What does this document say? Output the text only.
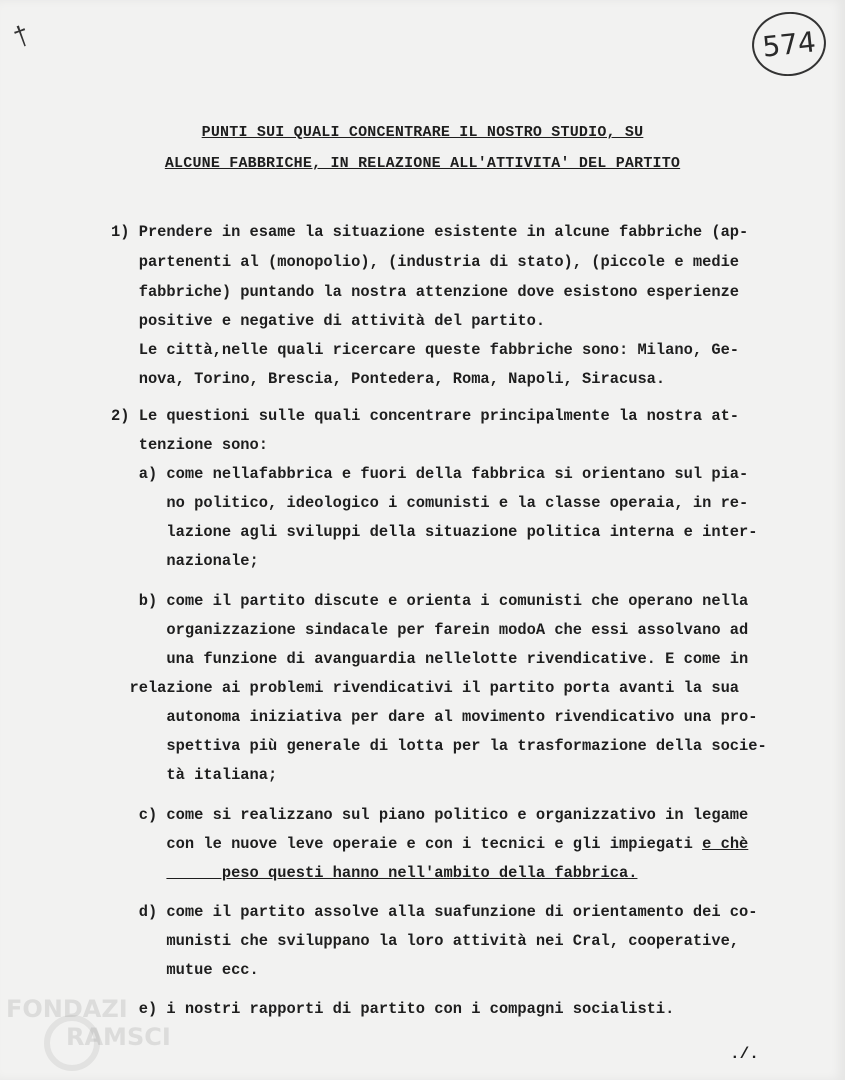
†	574
PUNTI SUI QUALI CONCENTRARE IL NOSTRO STUDIO, SU
ALCUNE FABBRICHE, IN RELAZIONE ALL'ATTIVITA' DEL PARTITO
1) Prendere in esame la situazione esistente in alcune fabbriche (ap-
partenenti al (monopolio), (industria di stato), (piccole e medie
fabbriche) puntando la nostra attenzione dove esistono esperienze
positive e negative di attività del partito.
Le città,nelle quali ricercare queste fabbriche sono: Milano, Ge-
nova, Torino, Brescia, Pontedera, Roma, Napoli, Siracusa.
2) Le questioni sulle quali concentrare principalmente la nostra at-
tenzione sono:
a) come nellafabbrica e fuori della fabbrica si orientano sul pia-
no politico, ideologico i comunisti e la classe operaia, in re-
lazione agli sviluppi della situazione politica interna e inter-
nazionale;
b) come il partito discute e orienta i comunisti che operano nella
organizzazione sindacale per farein modoA che essi assolvano ad
una funzione di avanguardia nellelotte rivendicative. E come in
relazione ai problemi rivendicativi il partito porta avanti la sua
autonoma iniziativa per dare al movimento rivendicativo una pro-
spettiva più generale di lotta per la trasformazione della socie-
tà italiana;
c) come si realizzano sul piano politico e organizzativo in legame
con le nuove leve operaie e con i tecnici e gli impiegati e chè
peso questi hanno nell'ambito della fabbrica.
d) come il partito assolve alla suafunzione di orientamento dei co-
munisti che sviluppano la loro attività nei Cral, cooperative,
mutue ecc.
e) i nostri rapporti di partito con i compagni socialisti.
FONDAZI
RAMSCI
./.
